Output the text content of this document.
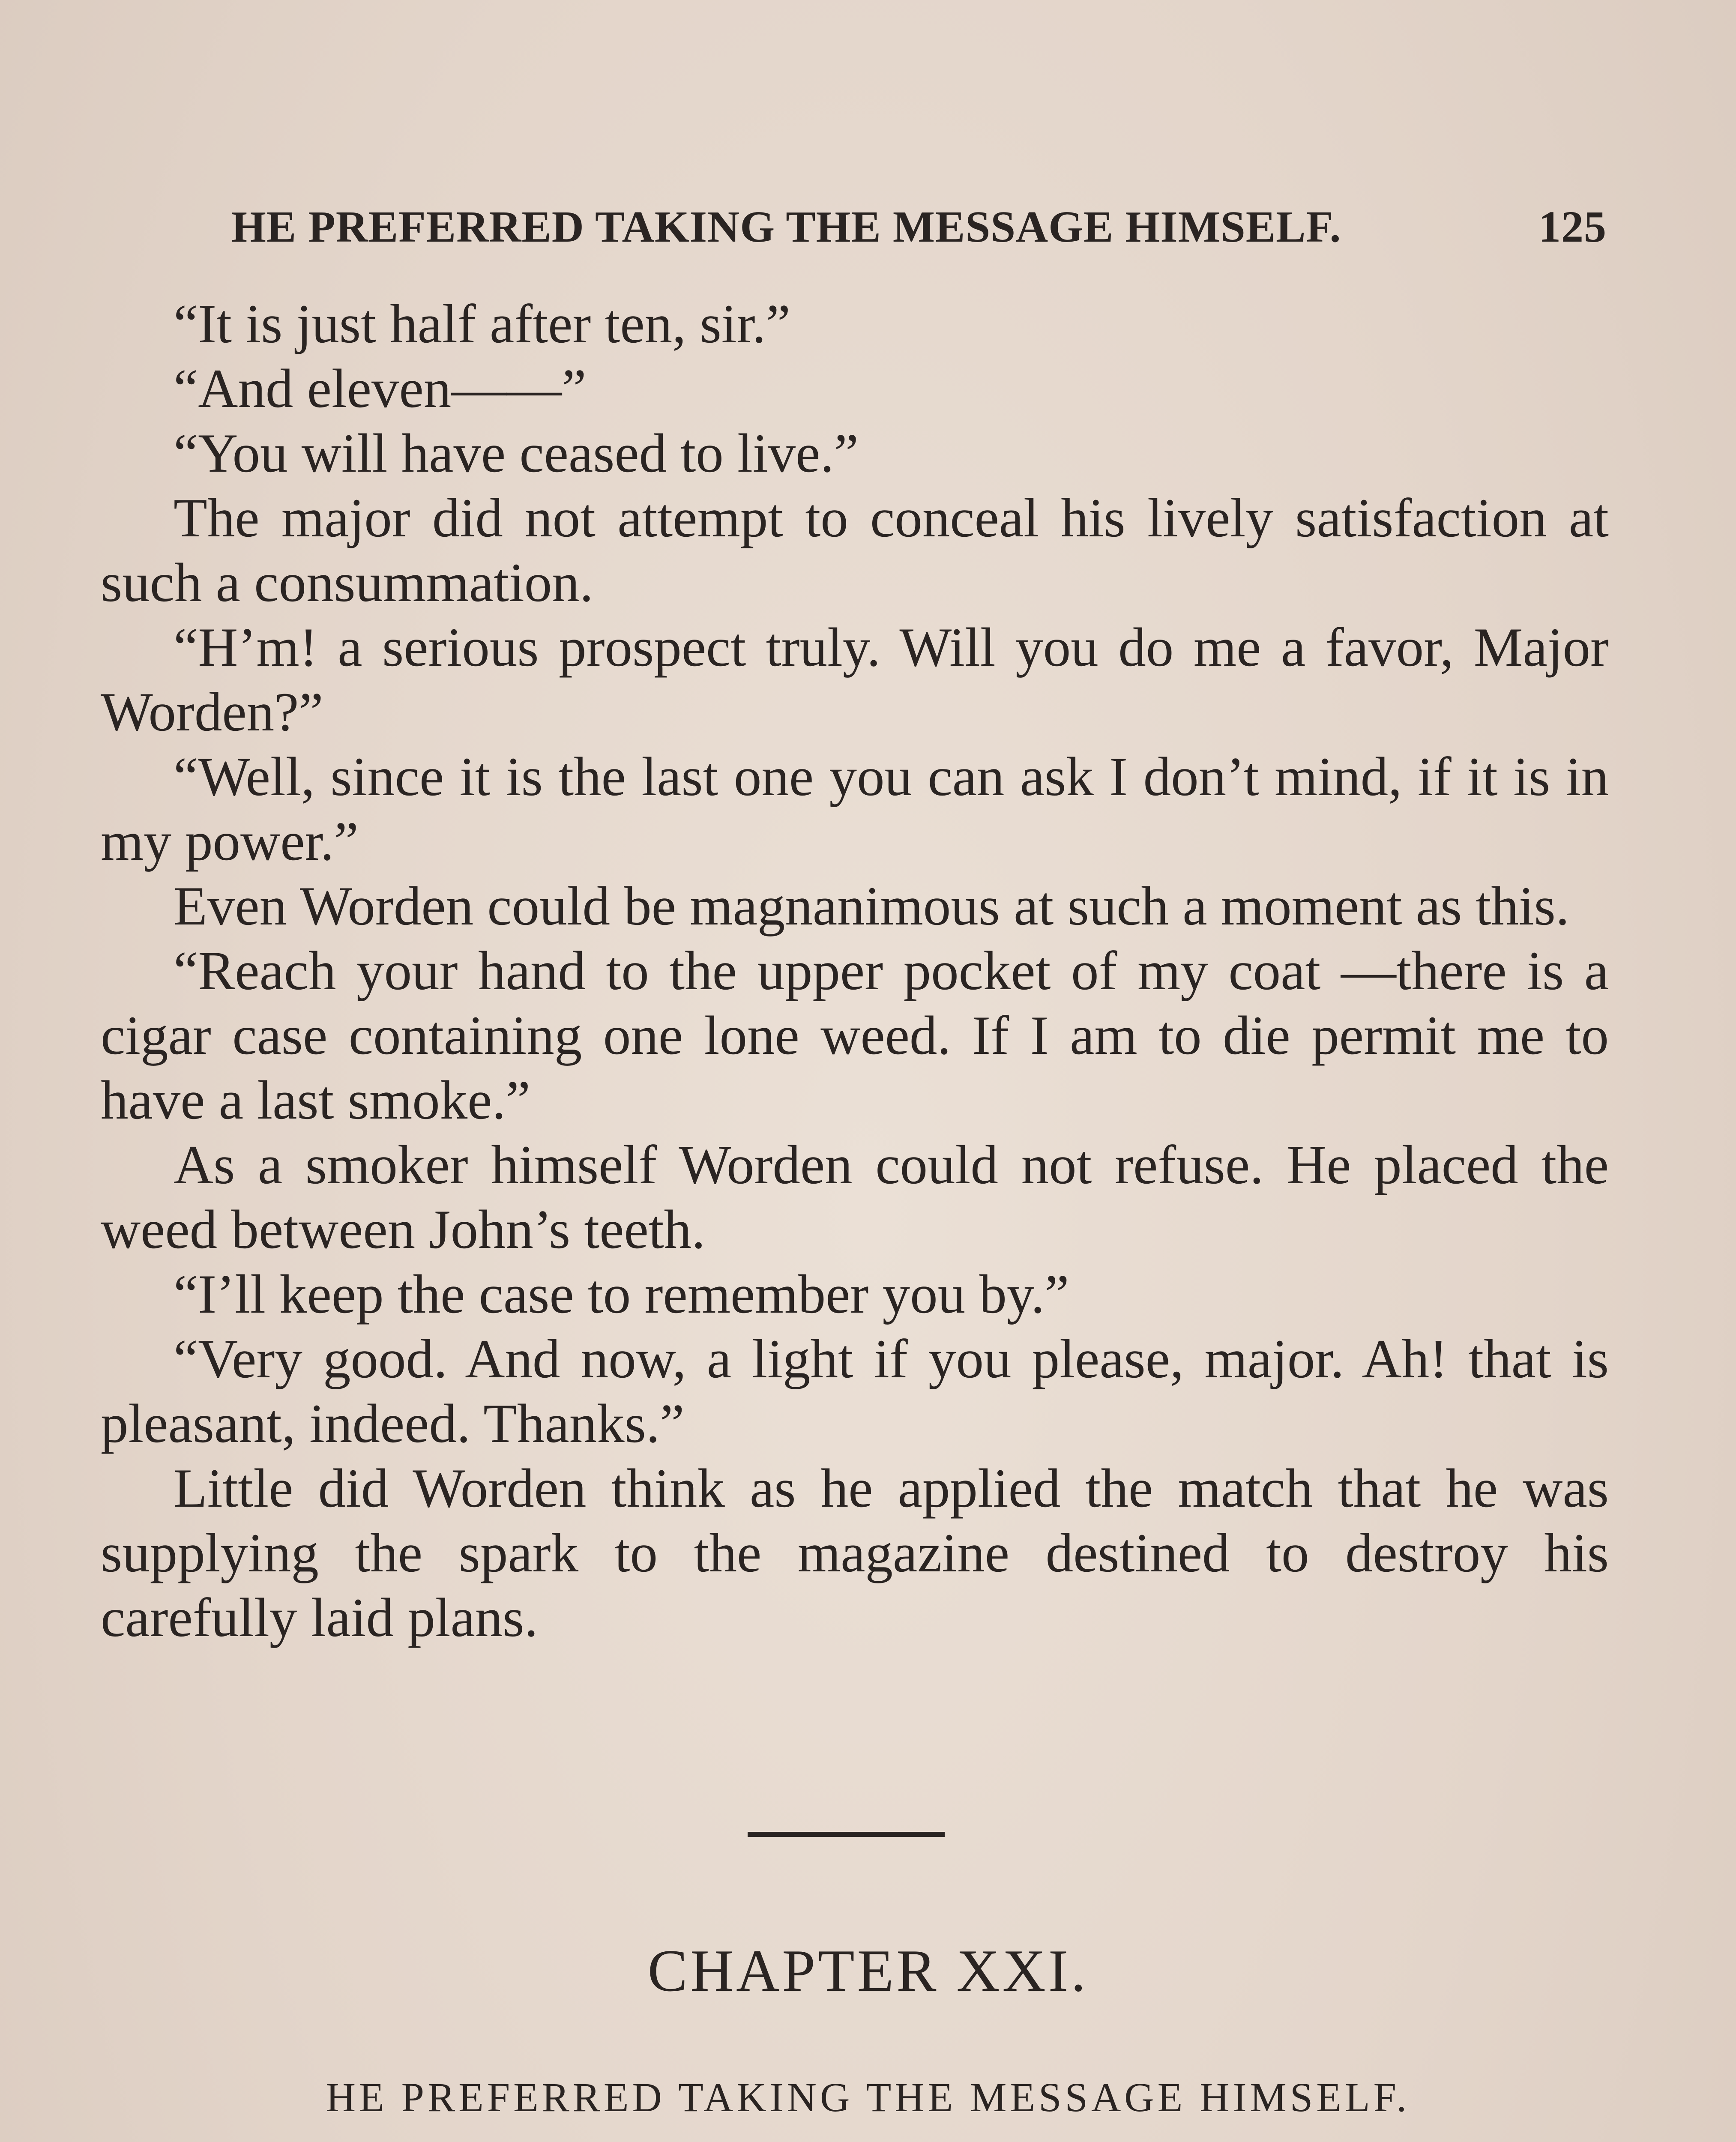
HE PREFERRED TAKING THE MESSAGE HIMSELF.	125

“It is just half after ten, sir.”

“And eleven——”

“You will have ceased to live.”

The major did not attempt to conceal his lively satisfaction at such a consummation.

“H’m! a serious prospect truly. Will you do me a favor, Major Worden?”

“Well, since it is the last one you can ask I don’t mind, if it is in my power.”

Even Worden could be magnanimous at such a moment as this.

“Reach your hand to the upper pocket of my coat —there is a cigar case containing one lone weed. If I am to die permit me to have a last smoke.”

As a smoker himself Worden could not refuse. He placed the weed between John’s teeth.

“I’ll keep the case to remember you by.”

“Very good. And now, a light if you please, major. Ah! that is pleasant, indeed. Thanks.”

Little did Worden think as he applied the match that he was supplying the spark to the magazine destined to destroy his carefully laid plans.

CHAPTER XXI.
HE PREFERRED TAKING THE MESSAGE HIMSELF.
